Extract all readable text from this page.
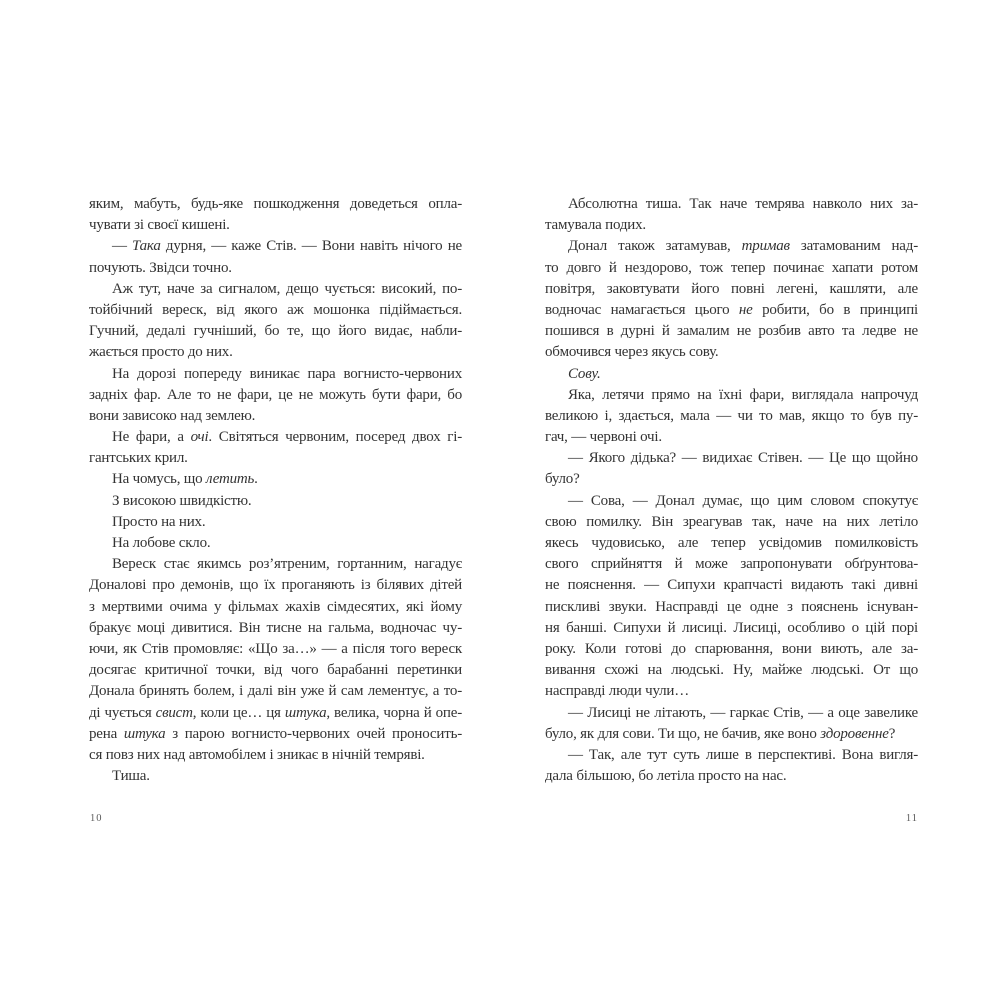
яким, мабуть, будь-яке пошкодження доведеться опла-
чувати зі своєї кишені.
— Така дурня, — каже Стів. — Вони навіть нічого не
почують. Звідси точно.
Аж тут, наче за сигналом, дещо чується: високий, по-
тойбічний вереск, від якого аж мошонка підіймається.
Гучний, дедалі гучніший, бо те, що його видає, набли-
жається просто до них.
На дорозі попереду виникає пара вогнисто-червоних
задніх фар. Але то не фари, це не можуть бути фари, бо
вони зависоко над землею.
Не фари, а очі. Світяться червоним, посеред двох гі-
гантських крил.
На чомусь, що летить.
З високою швидкістю.
Просто на них.
На лобове скло.
Вереск стає якимсь роз’ятреним, гортанним, нагадує
Доналові про демонів, що їх проганяють із білявих дітей
з мертвими очима у фільмах жахів сімдесятих, які йому
бракує моці дивитися. Він тисне на гальма, водночас чу-
ючи, як Стів промовляє: «Що за…» — а після того вереск
досягає критичної точки, від чого барабанні перетинки
Донала бринять болем, і далі він уже й сам лементує, а то-
ді чується свист, коли це… ця штука, велика, чорна й опе-
рена штука з парою вогнисто-червоних очей проносить-
ся повз них над автомобілем і зникає в нічній темряві.
Тиша.
Абсолютна тиша. Так наче темрява навколо них за-
тамувала подих.
Донал також затамував, тримав затамованим над-
то довго й нездорово, тож тепер починає хапати ротом
повітря, заковтувати його повні легені, кашляти, але
водночас намагається цього не робити, бо в принципі
пошився в дурні й замалим не розбив авто та ледве не
обмочився через якусь сову.
Сову.
Яка, летячи прямо на їхні фари, виглядала напрочуд
великою і, здається, мала — чи то мав, якщо то був пу-
гач, — червоні очі.
— Якого дідька? — видихає Стівен. — Це що щойно
було?
— Сова, — Донал думає, що цим словом спокутує
свою помилку. Він зреагував так, наче на них летіло
якесь чудовисько, але тепер усвідомив помилковість
свого сприйняття й може запропонувати обґрунтова-
не пояснення. — Сипухи крапчасті видають такі дивні
пискливі звуки. Насправді це одне з пояснень існуван-
ня банші. Сипухи й лисиці. Лисиці, особливо о цій порі
року. Коли готові до спарювання, вони виють, але за-
вивання схожі на людські. Ну, майже людські. От що
насправді люди чули…
— Лисиці не літають, — гаркає Стів, — а оце завелике
було, як для сови. Ти що, не бачив, яке воно здоровенне?
— Так, але тут суть лише в перспективі. Вона вигля-
дала більшою, бо летіла просто на нас.
10	11
